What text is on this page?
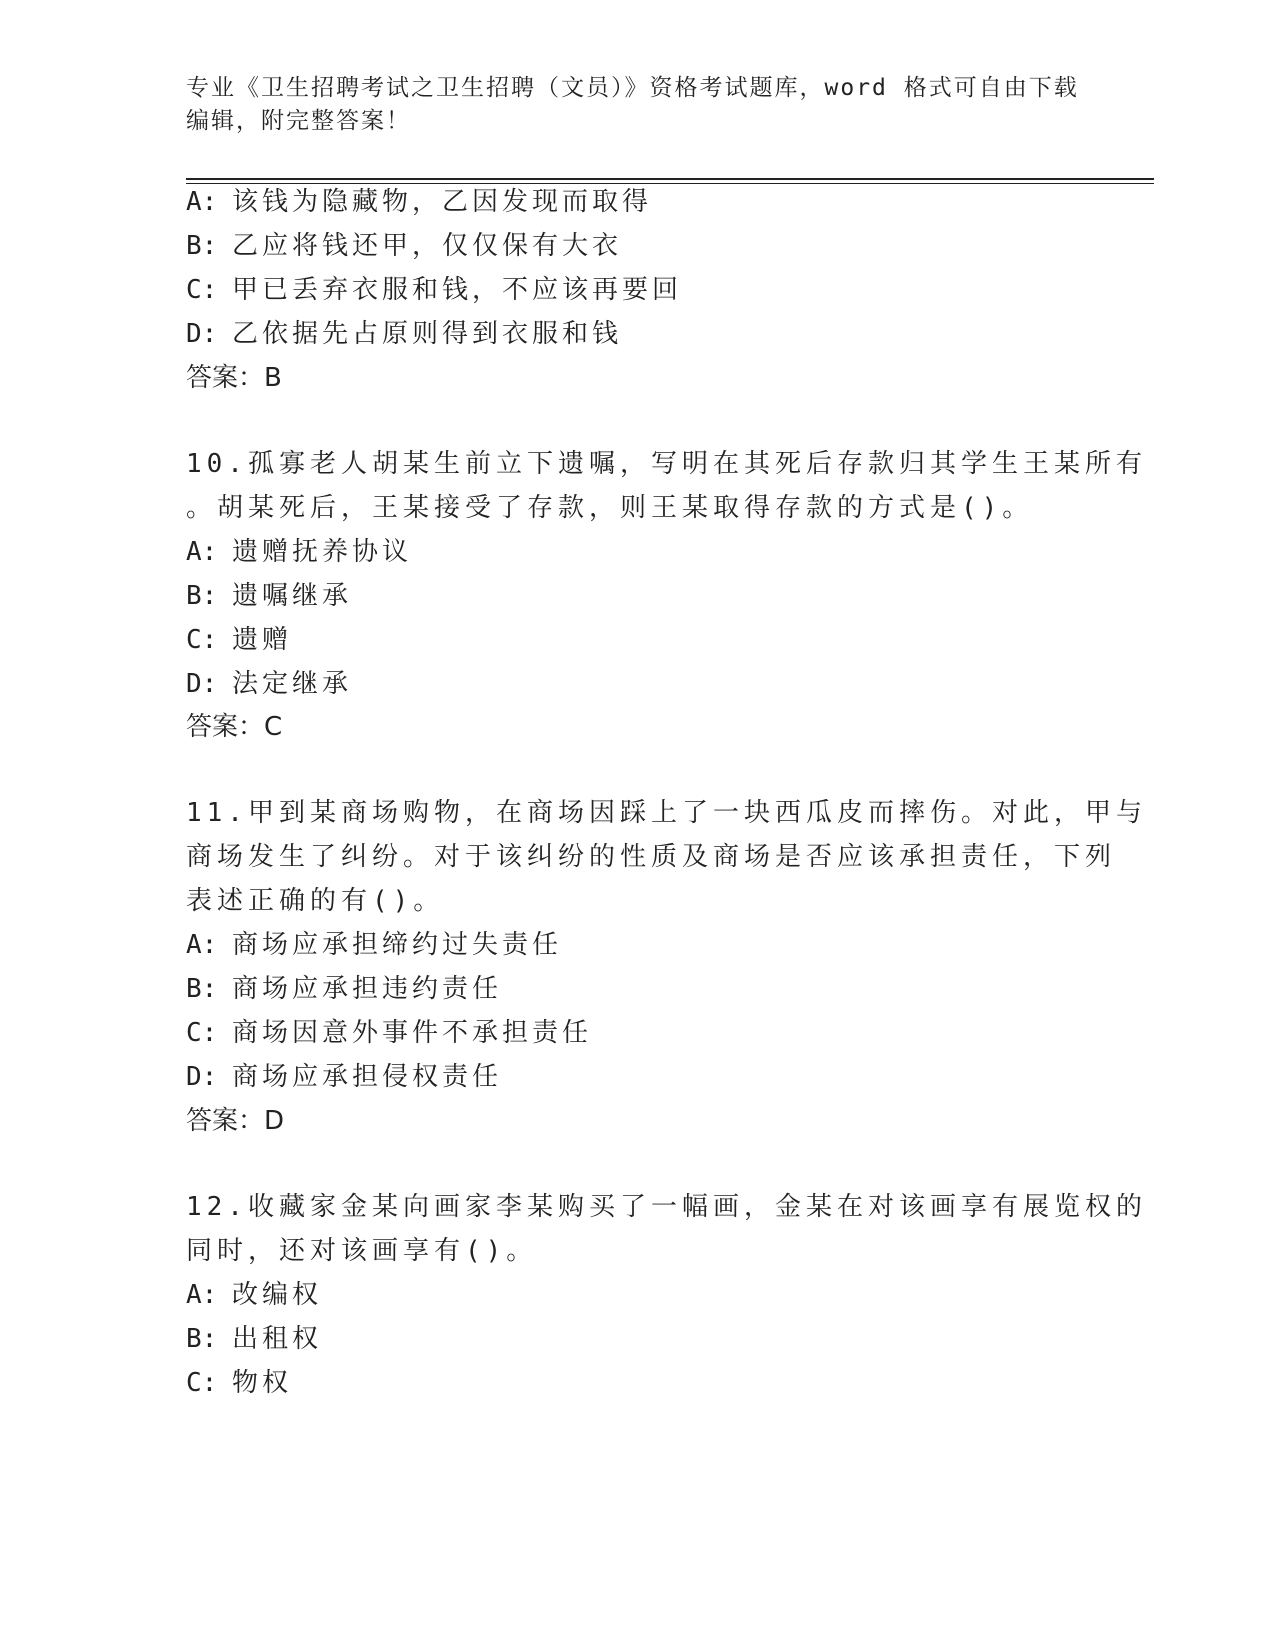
专业《卫生招聘考试之卫生招聘（文员）》资格考试题库，word 格式可自由下载
编辑，附完整答案！
A: 该钱为隐藏物，乙因发现而取得
B: 乙应将钱还甲，仅仅保有大衣
C: 甲已丢弃衣服和钱，不应该再要回
D: 乙依据先占原则得到衣服和钱
答案：B
10.孤寡老人胡某生前立下遗嘱，写明在其死后存款归其学生王某所有
。胡某死后，王某接受了存款，则王某取得存款的方式是()。
A: 遗赠抚养协议
B: 遗嘱继承
C: 遗赠
D: 法定继承
答案：C
11.甲到某商场购物，在商场因踩上了一块西瓜皮而摔伤。对此，甲与
商场发生了纠纷。对于该纠纷的性质及商场是否应该承担责任，下列
表述正确的有()。
A: 商场应承担缔约过失责任
B: 商场应承担违约责任
C: 商场因意外事件不承担责任
D: 商场应承担侵权责任
答案：D
12.收藏家金某向画家李某购买了一幅画，金某在对该画享有展览权的
同时，还对该画享有()。
A: 改编权
B: 出租权
C: 物权
